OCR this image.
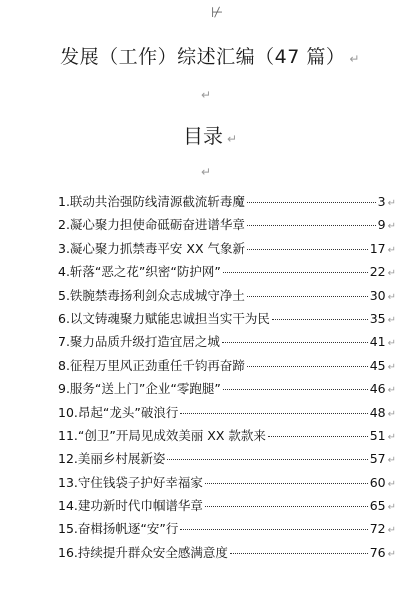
⊬
发展（工作）综述汇编（47 篇） ↵
↵
目录 ↵
↵
1.联动共治强防线清源截流斩毒魔	3 ↵
2.凝心聚力担使命砥砺奋进谱华章	9 ↵
3.凝心聚力抓禁毒平安 XX 气象新	17 ↵
4.斩落“恶之花”织密“防护网”	22 ↵
5.铁腕禁毒扬利剑众志成城守净土	30 ↵
6.以文铸魂聚力赋能忠诚担当实干为民	35 ↵
7.聚力品质升级打造宜居之城	41 ↵
8.征程万里风正劲重任千钧再奋蹄	45 ↵
9.服务“送上门”企业“零跑腿”	46 ↵
10.昂起“龙头”破浪行	48 ↵
11.“创卫”开局见成效美丽 XX 款款来	51 ↵
12.美丽乡村展新姿	57 ↵
13.守住钱袋子护好幸福家	60 ↵
14.建功新时代巾帼谱华章	65 ↵
15.奋楫扬帆逐“安”行	72 ↵
16.持续提升群众安全感满意度	76 ↵
